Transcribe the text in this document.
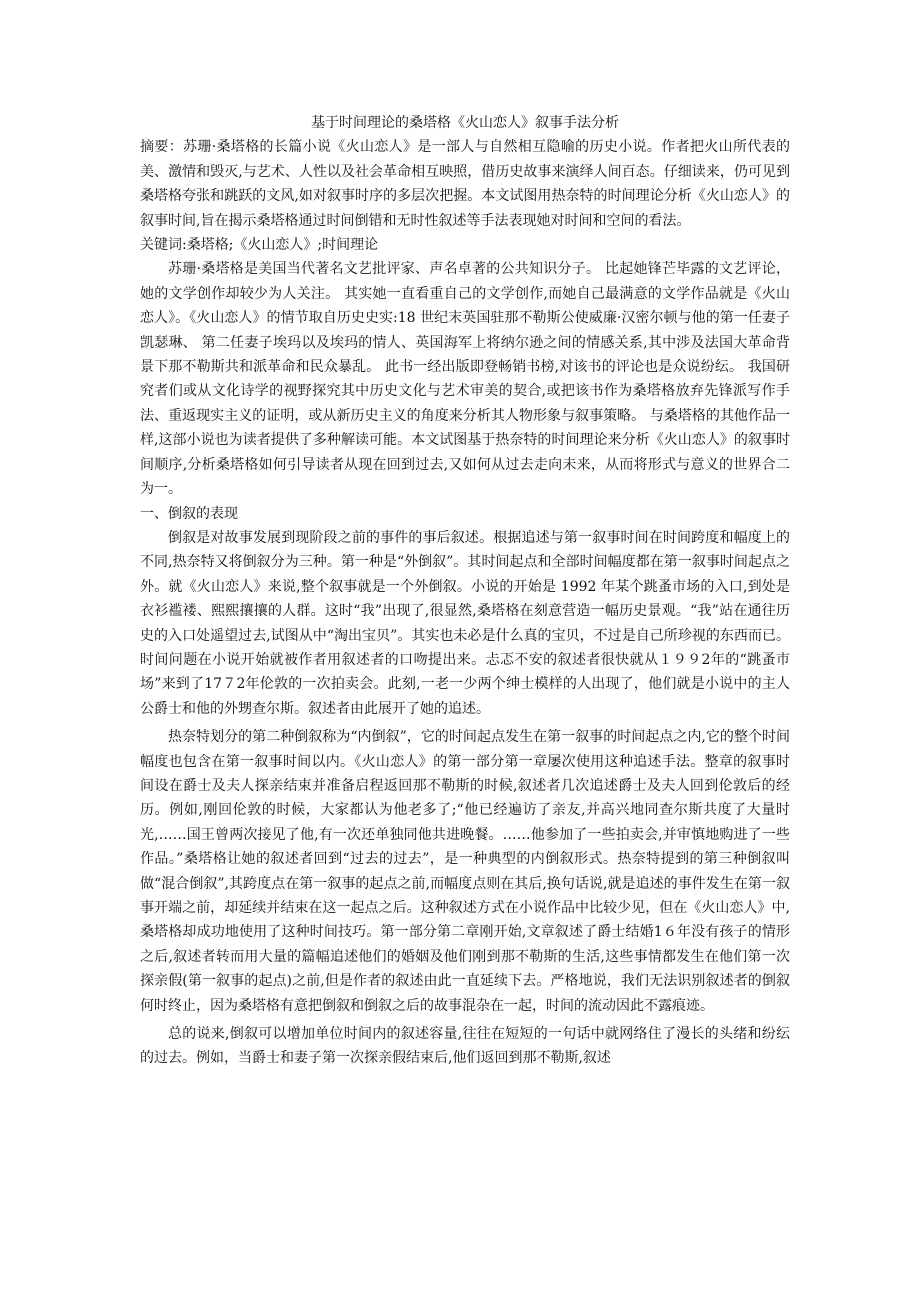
基于时间理论的桑塔格《火山恋人》叙事手法分析

摘要：苏珊·桑塔格的长篇小说《火山恋人》是一部人与自然相互隐喻的历史小说。作者把火山所代表的美、激情和毁灭,与艺术、人性以及社会革命相互映照，借历史故事来演绎人间百态。仔细读来，仍可见到桑塔格夸张和跳跃的文风,如对叙事时序的多层次把握。本文试图用热奈特的时间理论分析《火山恋人》的叙事时间,旨在揭示桑塔格通过时间倒错和无时性叙述等手法表现她对时间和空间的看法。

关键词:桑塔格;《火山恋人》;时间理论

苏珊·桑塔格是美国当代著名文艺批评家、声名卓著的公共知识分子。 比起她锋芒毕露的文艺评论，她的文学创作却较少为人关注。 其实她一直看重自己的文学创作,而她自己最满意的文学作品就是《火山恋人》。《火山恋人》的情节取自历史史实:18 世纪末英国驻那不勒斯公使威廉·汉密尔顿与他的第一任妻子凯瑟琳、 第二任妻子埃玛以及埃玛的情人、英国海军上将纳尔逊之间的情感关系,其中涉及法国大革命背景下那不勒斯共和派革命和民众暴乱。 此书一经出版即登畅销书榜,对该书的评论也是众说纷纭。 我国研究者们或从文化诗学的视野探究其中历史文化与艺术审美的契合,或把该书作为桑塔格放弃先锋派写作手法、重返现实主义的证明，或从新历史主义的角度来分析其人物形象与叙事策略。 与桑塔格的其他作品一样,这部小说也为读者提供了多种解读可能。本文试图基于热奈特的时间理论来分析《火山恋人》的叙事时间顺序,分析桑塔格如何引导读者从现在回到过去,又如何从过去走向未来，从而将形式与意义的世界合二为一。

一、倒叙的表现

倒叙是对故事发展到现阶段之前的事件的事后叙述。根据追述与第一叙事时间在时间跨度和幅度上的不同,热奈特又将倒叙分为三种。第一种是“外倒叙”。其时间起点和全部时间幅度都在第一叙事时间起点之外。就《火山恋人》来说,整个叙事就是一个外倒叙。小说的开始是 1992 年某个跳蚤市场的入口,到处是衣衫褴褛、熙熙攘攘的人群。这时“我”出现了,很显然,桑塔格在刻意营造一幅历史景观。“我”站在通往历史的入口处遥望过去,试图从中“淘出宝贝”。其实也未必是什么真的宝贝，不过是自己所珍视的东西而已。时间问题在小说开始就被作者用叙述者的口吻提出来。忐忑不安的叙述者很快就从１９９2年的“跳蚤市场”来到了17７2年伦敦的一次拍卖会。此刻,一老一少两个绅士模样的人出现了，他们就是小说中的主人公爵士和他的外甥查尔斯。叙述者由此展开了她的追述。

热奈特划分的第二种倒叙称为“内倒叙”，它的时间起点发生在第一叙事的时间起点之内,它的整个时间幅度也包含在第一叙事时间以内。《火山恋人》的第一部分第一章屡次使用这种追述手法。整章的叙事时间设在爵士及夫人探亲结束并准备启程返回那不勒斯的时候,叙述者几次追述爵士及夫人回到伦敦后的经历。例如,刚回伦敦的时候，大家都认为他老多了;“他已经遍访了亲友,并高兴地同查尔斯共度了大量时光,……国王曾两次接见了他,有一次还单独同他共进晚餐。……他参加了一些拍卖会,并审慎地购进了一些作品。”桑塔格让她的叙述者回到“过去的过去”，是一种典型的内倒叙形式。热奈特提到的第三种倒叙叫做“混合倒叙”,其跨度点在第一叙事的起点之前,而幅度点则在其后,换句话说,就是追述的事件发生在第一叙事开端之前，却延续并结束在这一起点之后。这种叙述方式在小说作品中比较少见，但在《火山恋人》中,桑塔格却成功地使用了这种时间技巧。第一部分第二章刚开始,文章叙述了爵士结婚1６年没有孩子的情形之后,叙述者转而用大量的篇幅追述他们的婚姻及他们刚到那不勒斯的生活,这些事情都发生在他们第一次探亲假(第一叙事的起点)之前,但是作者的叙述由此一直延续下去。严格地说，我们无法识别叙述者的倒叙何时终止，因为桑塔格有意把倒叙和倒叙之后的故事混杂在一起，时间的流动因此不露痕迹。

总的说来,倒叙可以增加单位时间内的叙述容量,往往在短短的一句话中就网络住了漫长的头绪和纷纭的过去。例如，当爵士和妻子第一次探亲假结束后,他们返回到那不勒斯,叙述
